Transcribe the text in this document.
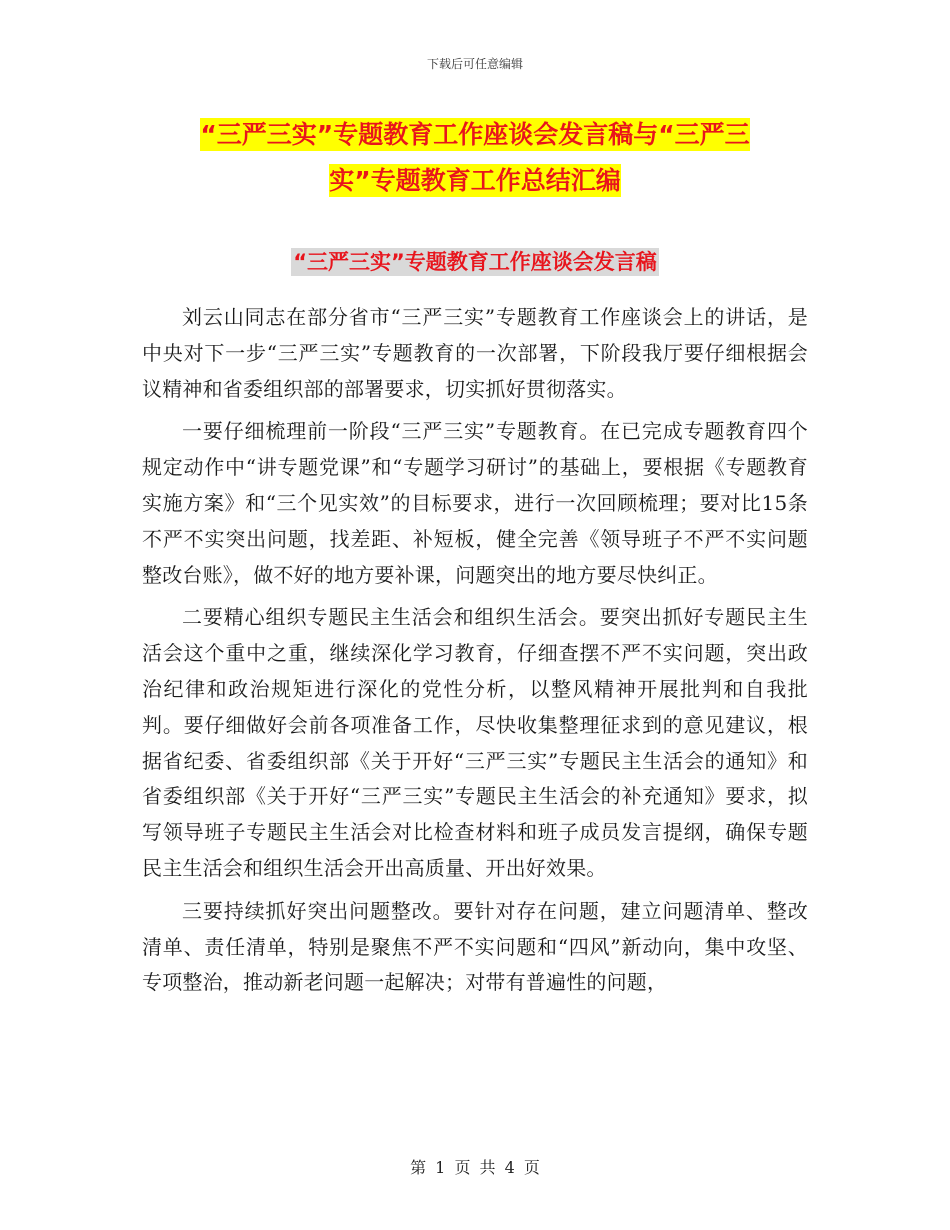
下载后可任意编辑
“三严三实”专题教育工作座谈会发言稿与“三严三
实”专题教育工作总结汇编
“三严三实”专题教育工作座谈会发言稿

刘云山同志在部分省市“三严三实”专题教育工作座谈会上的讲话，是中央对下一步“三严三实”专题教育的一次部署，下阶段我厅要仔细根据会议精神和省委组织部的部署要求，切实抓好贯彻落实。

一要仔细梳理前一阶段“三严三实”专题教育。在已完成专题教育四个规定动作中“讲专题党课”和“专题学习研讨”的基础上，要根据《专题教育实施方案》和“三个见实效”的目标要求，进行一次回顾梳理；要对比15条不严不实突出问题，找差距、补短板，健全完善《领导班子不严不实问题整改台账》，做不好的地方要补课，问题突出的地方要尽快纠正。

二要精心组织专题民主生活会和组织生活会。要突出抓好专题民主生活会这个重中之重，继续深化学习教育，仔细查摆不严不实问题，突出政治纪律和政治规矩进行深化的党性分析，以整风精神开展批判和自我批判。要仔细做好会前各项准备工作，尽快收集整理征求到的意见建议，根据省纪委、省委组织部《关于开好“三严三实”专题民主生活会的通知》和省委组织部《关于开好“三严三实”专题民主生活会的补充通知》要求，拟写领导班子专题民主生活会对比检查材料和班子成员发言提纲，确保专题民主生活会和组织生活会开出高质量、开出好效果。

三要持续抓好突出问题整改。要针对存在问题，建立问题清单、整改清单、责任清单，特别是聚焦不严不实问题和“四风”新动向，集中攻坚、专项整治，推动新老问题一起解决；对带有普遍性的问题，

第 1 页 共 4 页
